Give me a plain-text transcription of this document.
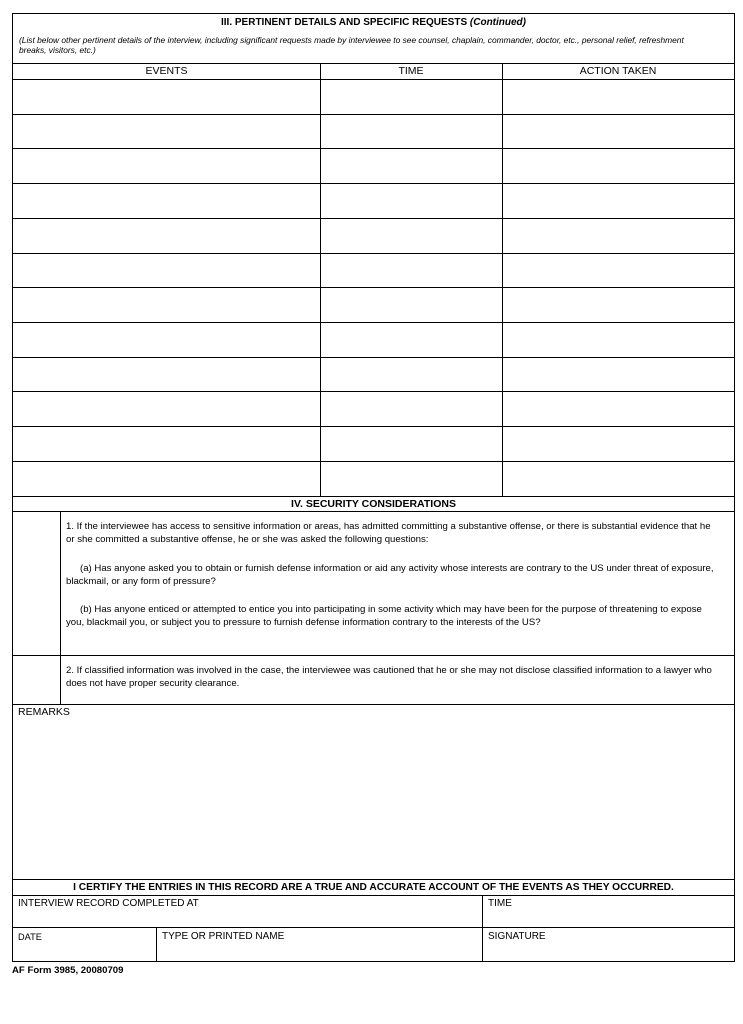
III. PERTINENT DETAILS AND SPECIFIC REQUESTS (Continued)
(List below other pertinent details of the interview, including significant requests made by interviewee to see counsel, chaplain, commander, doctor, etc., personal relief, refreshment breaks, visitors, etc.)
EVENTS	TIME	ACTION TAKEN
IV. SECURITY CONSIDERATIONS
1. If the interviewee has access to sensitive information or areas, has admitted committing a substantive offense, or there is substantial evidence that he or she committed a substantive offense, he or she was asked the following questions:
(a) Has anyone asked you to obtain or furnish defense information or aid any activity whose interests are contrary to the US under threat of exposure, blackmail, or any form of pressure?
(b) Has anyone enticed or attempted to entice you into participating in some activity which may have been for the purpose of threatening to expose you, blackmail you, or subject you to pressure to furnish defense information contrary to the interests of the US?
2. If classified information was involved in the case, the interviewee was cautioned that he or she may not disclose classified information to a lawyer who does not have proper security clearance.
REMARKS
I CERTIFY THE ENTRIES IN THIS RECORD ARE A TRUE AND ACCURATE ACCOUNT OF THE EVENTS AS THEY OCCURRED.
INTERVIEW RECORD COMPLETED AT	TIME
DATE	TYPE OR PRINTED NAME	SIGNATURE
AF Form 3985, 20080709
